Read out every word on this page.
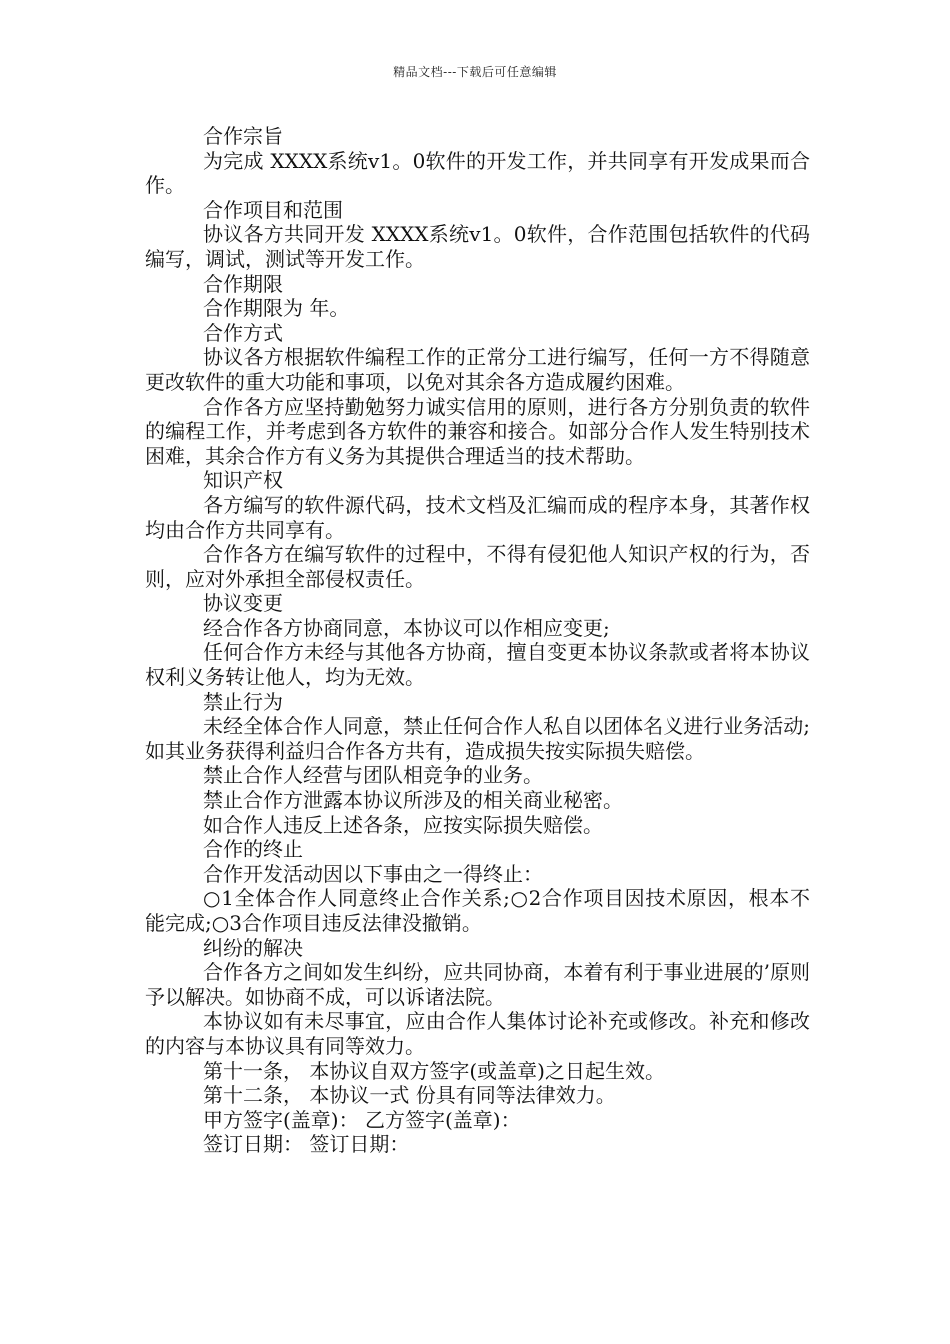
精品文档---下载后可任意编辑

合作宗旨

为完成 XXXX系统v1。0软件的开发工作，并共同享有开发成果而合作。

合作项目和范围

协议各方共同开发 XXXX系统v1。0软件，合作范围包括软件的代码编写，调试，测试等开发工作。

合作期限

合作期限为 年。

合作方式

协议各方根据软件编程工作的正常分工进行编写，任何一方不得随意更改软件的重大功能和事项，以免对其余各方造成履约困难。

合作各方应坚持勤勉努力诚实信用的原则，进行各方分别负责的软件的编程工作，并考虑到各方软件的兼容和接合。如部分合作人发生特别技术困难，其余合作方有义务为其提供合理适当的技术帮助。

知识产权

各方编写的软件源代码，技术文档及汇编而成的程序本身，其著作权均由合作方共同享有。

合作各方在编写软件的过程中，不得有侵犯他人知识产权的行为，否则，应对外承担全部侵权责任。

协议变更

经合作各方协商同意，本协议可以作相应变更;

任何合作方未经与其他各方协商，擅自变更本协议条款或者将本协议权利义务转让他人，均为无效。

禁止行为

未经全体合作人同意，禁止任何合作人私自以团体名义进行业务活动;如其业务获得利益归合作各方共有，造成损失按实际损失赔偿。

禁止合作人经营与团队相竞争的业务。

禁止合作方泄露本协议所涉及的相关商业秘密。

如合作人违反上述各条，应按实际损失赔偿。

合作的终止

合作开发活动因以下事由之一得终止：

○1全体合作人同意终止合作关系;○2合作项目因技术原因，根本不能完成;○3合作项目违反法律没撤销。

纠纷的解决

合作各方之间如发生纠纷，应共同协商，本着有利于事业进展的’原则予以解决。如协商不成，可以诉诸法院。

本协议如有未尽事宜，应由合作人集体讨论补充或修改。补充和修改的内容与本协议具有同等效力。

第十一条， 本协议自双方签字(或盖章)之日起生效。

第十二条， 本协议一式 份具有同等法律效力。

甲方签字(盖章)： 乙方签字(盖章)：

签订日期： 签订日期：
